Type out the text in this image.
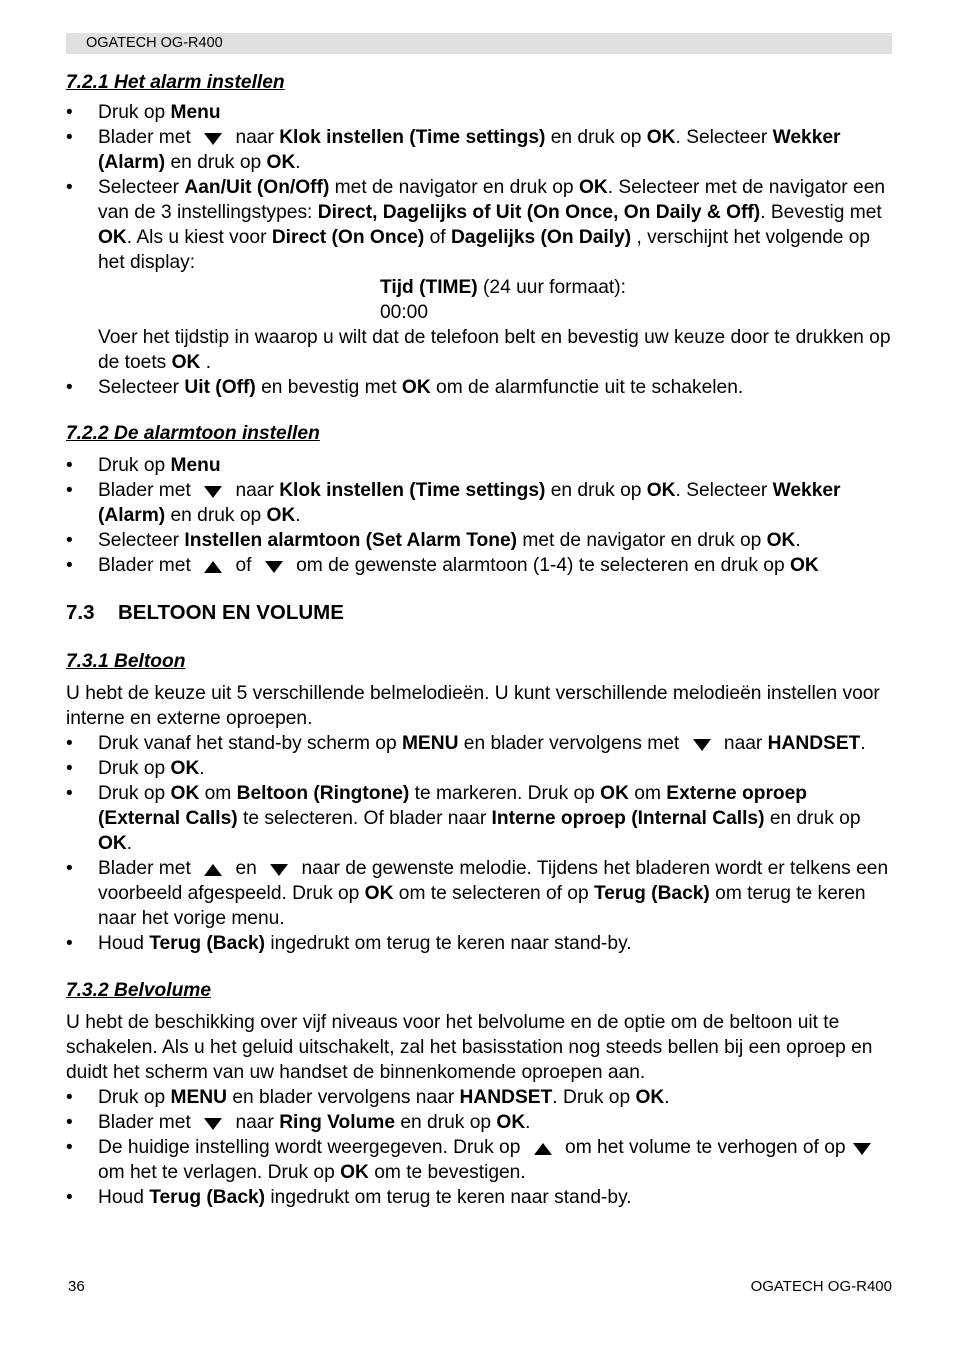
OGATECH OG-R400
7.2.1 Het alarm instellen
• Druk op Menu
• Blader met  naar Klok instellen (Time settings) en druk op OK. Selecteer Wekker (Alarm) en druk op OK.
• Selecteer Aan/Uit (On/Off) met de navigator en druk op OK. Selecteer met de navigator een van de 3 instellingstypes: Direct, Dagelijks of Uit (On Once, On Daily & Off). Bevestig met OK. Als u kiest voor Direct (On Once) of Dagelijks (On Daily) , verschijnt het volgende op het display:
Tijd (TIME) (24 uur formaat):
00:00
Voer het tijdstip in waarop u wilt dat de telefoon belt en bevestig uw keuze door te drukken op de toets OK .
• Selecteer Uit (Off) en bevestig met OK om de alarmfunctie uit te schakelen.
7.2.2 De alarmtoon instellen
• Druk op Menu
• Blader met  naar Klok instellen (Time settings) en druk op OK. Selecteer Wekker (Alarm) en druk op OK.
• Selecteer Instellen alarmtoon (Set Alarm Tone) met de navigator en druk op OK.
• Blader met  of  om de gewenste alarmtoon (1-4) te selecteren en druk op OK
7.3 BELTOON EN VOLUME
7.3.1 Beltoon

U hebt de keuze uit 5 verschillende belmelodieën. U kunt verschillende melodieën instellen voor interne en externe oproepen.

• Druk vanaf het stand-by scherm op MENU en blader vervolgens met  naar HANDSET.
• Druk op OK.
• Druk op OK om Beltoon (Ringtone) te markeren. Druk op OK om Externe oproep (External Calls) te selecteren. Of blader naar Interne oproep (Internal Calls) en druk op OK.
• Blader met  en  naar de gewenste melodie. Tijdens het bladeren wordt er telkens een voorbeeld afgespeeld. Druk op OK om te selecteren of op Terug (Back) om terug te keren naar het vorige menu.
• Houd Terug (Back) ingedrukt om terug te keren naar stand-by.
7.3.2 Belvolume

U hebt de beschikking over vijf niveaus voor het belvolume en de optie om de beltoon uit te schakelen. Als u het geluid uitschakelt, zal het basisstation nog steeds bellen bij een oproep en duidt het scherm van uw handset de binnenkomende oproepen aan.

• Druk op MENU en blader vervolgens naar HANDSET. Druk op OK.
• Blader met  naar Ring Volume en druk op OK.
• De huidige instelling wordt weergegeven. Druk op  om het volume te verhogen of op  om het te verlagen. Druk op OK om te bevestigen.
• Houd Terug (Back) ingedrukt om terug te keren naar stand-by.
36	OGATECH OG-R400
